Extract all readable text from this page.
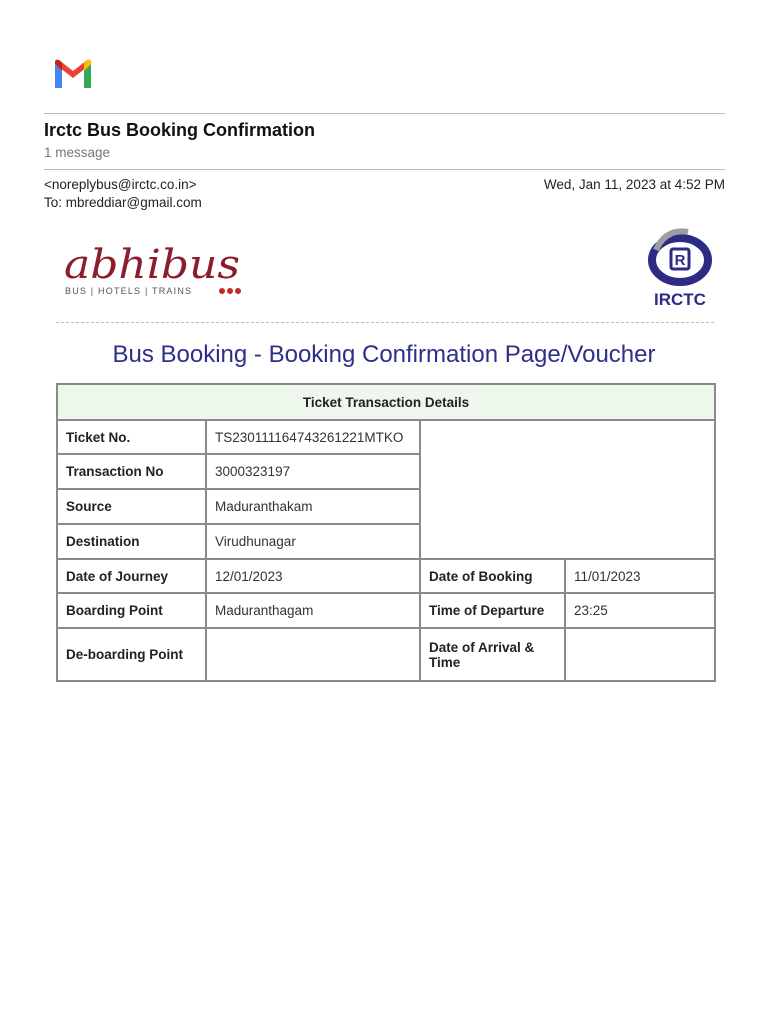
Irctc Bus Booking Confirmation
1 message
<noreplybus@irctc.co.in>
To: mbreddiar@gmail.com
Wed, Jan 11, 2023 at 4:52 PM
abhibus
BUS | HOTELS | TRAINS
R
IRCTC
Bus Booking - Booking Confirmation Page/Voucher
Ticket Transaction Details			
Ticket No.	TS230111164743261221MTKO		
Transaction No	3000323197		
Source	Maduranthakam		
Destination	Virudhunagar		
Date of Journey	12/01/2023	Date of Booking	11/01/2023
Boarding Point	Maduranthagam	Time of Departure	23:25
De-boarding Point		Date of Arrival & Time	
